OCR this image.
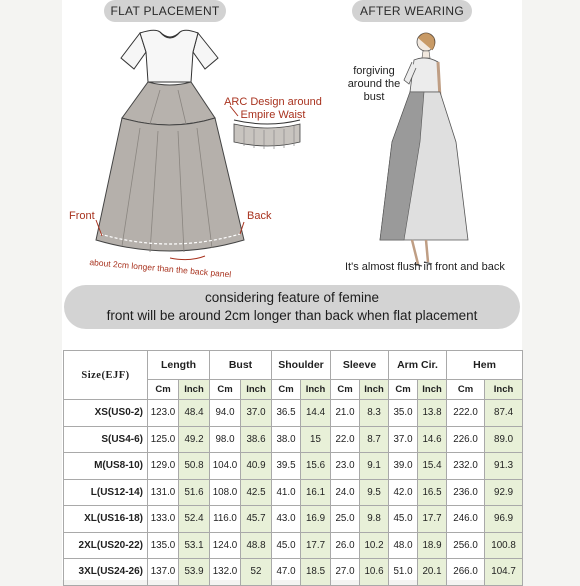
FLAT PLACEMENT	AFTER WEARING
ARC Design around
Empire Waist
Front	Back
about 2cm longer than the back panel
forgiving
around the
bust
It's almost flush in front and back
considering feature of femine
front will be around 2cm longer than back when flat placement
Size(EJF)	Length		Bust		Shoulder		Sleeve		Arm Cir.		Hem	
	Cm	Inch	Cm	Inch	Cm	Inch	Cm	Inch	Cm	Inch	Cm	Inch
XS(US0-2)	123.0	48.4	94.0	37.0	36.5	14.4	21.0	8.3	35.0	13.8	222.0	87.4
S(US4-6)	125.0	49.2	98.0	38.6	38.0	15	22.0	8.7	37.0	14.6	226.0	89.0
M(US8-10)	129.0	50.8	104.0	40.9	39.5	15.6	23.0	9.1	39.0	15.4	232.0	91.3
L(US12-14)	131.0	51.6	108.0	42.5	41.0	16.1	24.0	9.5	42.0	16.5	236.0	92.9
XL(US16-18)	133.0	52.4	116.0	45.7	43.0	16.9	25.0	9.8	45.0	17.7	246.0	96.9
2XL(US20-22)	135.0	53.1	124.0	48.8	45.0	17.7	26.0	10.2	48.0	18.9	256.0	100.8
3XL(US24-26)	137.0	53.9	132.0	52	47.0	18.5	27.0	10.6	51.0	20.1	266.0	104.7
